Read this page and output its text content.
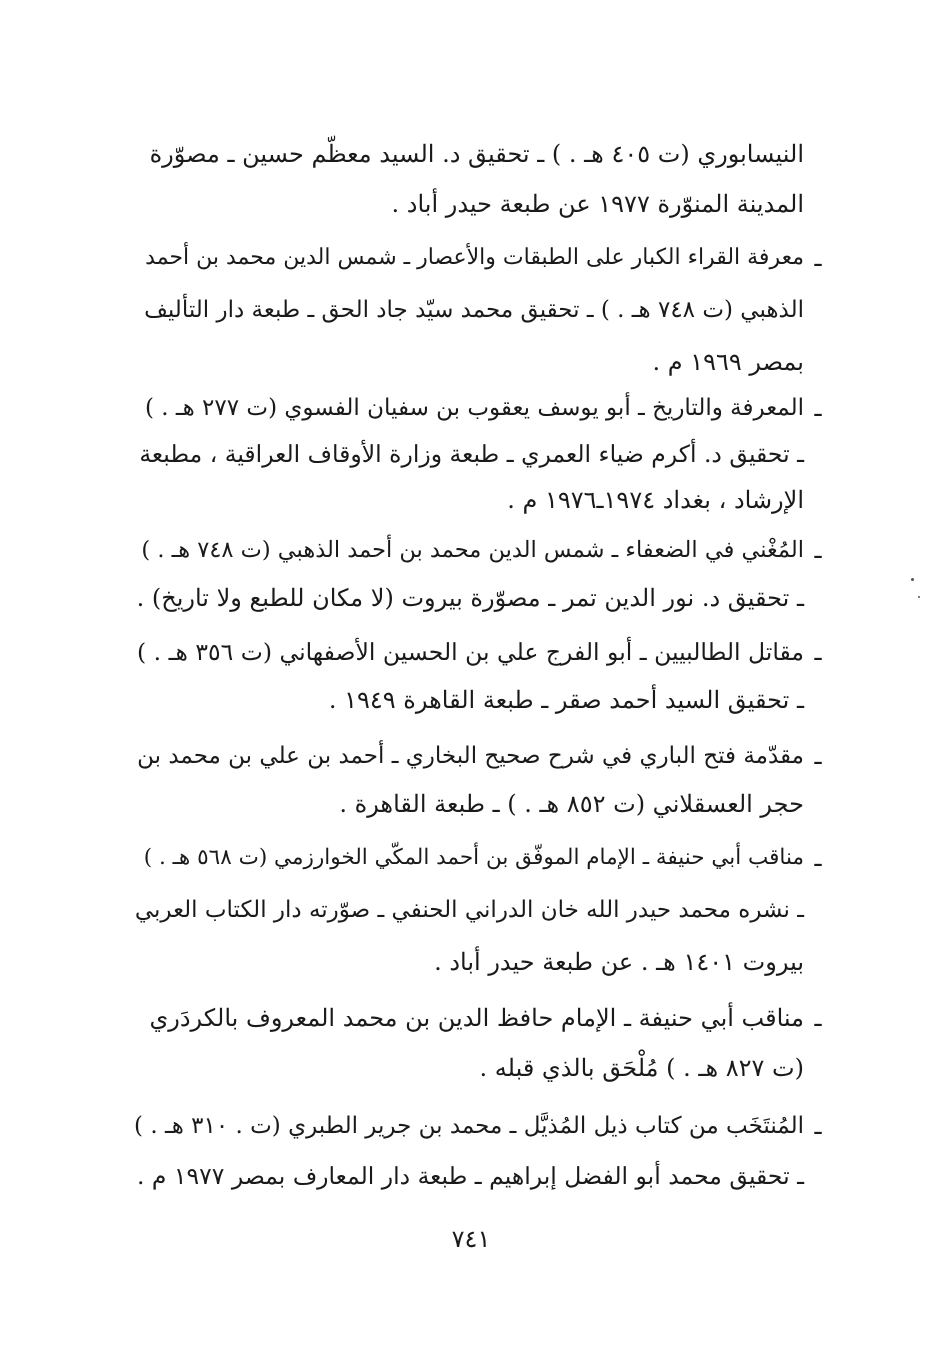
النيسابوري (ت ٤٠٥ هـ . ) ـ تحقيق د. السيد معظّم حسين ـ مصوّرة
المدينة المنوّرة ١٩٧٧ عن طبعة حيدر أباد .
ـ
معرفة القراء الكبار على الطبقات والأعصار ـ شمس الدين محمد بن أحمد
الذهبي (ت ٧٤٨ هـ . ) ـ تحقيق محمد سيّد جاد الحق ـ طبعة دار التأليف
بمصر ١٩٦٩ م .
ـ
المعرفة والتاريخ ـ أبو يوسف يعقوب بن سفيان الفسوي (ت ٢٧٧ هـ . )
ـ تحقيق د. أكرم ضياء العمري ـ طبعة وزارة الأوقاف العراقية ، مطبعة
الإرشاد ، بغداد ١٩٧٤ـ١٩٧٦ م .
ـ
المُغْني في الضعفاء ـ شمس الدين محمد بن أحمد الذهبي (ت ٧٤٨ هـ . )
ـ تحقيق د. نور الدين تمر ـ مصوّرة بيروت (لا مكان للطبع ولا تاريخ) .
ـ
مقاتل الطالبيين ـ أبو الفرج علي بن الحسين الأصفهاني (ت ٣٥٦ هـ . )
ـ تحقيق السيد أحمد صقر ـ طبعة القاهرة ١٩٤٩ .
ـ
مقدّمة فتح الباري في شرح صحيح البخاري ـ أحمد بن علي بن محمد بن
حجر العسقلاني (ت ٨٥٢ هـ . ) ـ طبعة القاهرة .
ـ
مناقب أبي حنيفة ـ الإمام الموفّق بن أحمد المكّي الخوارزمي (ت ٥٦٨ هـ . )
ـ نشره محمد حيدر الله خان الدراني الحنفي ـ صوّرته دار الكتاب العربي
بيروت ١٤٠١ هـ . عن طبعة حيدر أباد .
ـ
مناقب أبي حنيفة ـ الإمام حافظ الدين بن محمد المعروف بالكردَري
(ت ٨٢٧ هـ . ) مُلْحَق بالذي قبله .
ـ
المُنتَخَب من كتاب ذيل المُذيَّل ـ محمد بن جرير الطبري (ت . ٣١٠ هـ . )
ـ تحقيق محمد أبو الفضل إبراهيم ـ طبعة دار المعارف بمصر ١٩٧٧ م .
٧٤١
